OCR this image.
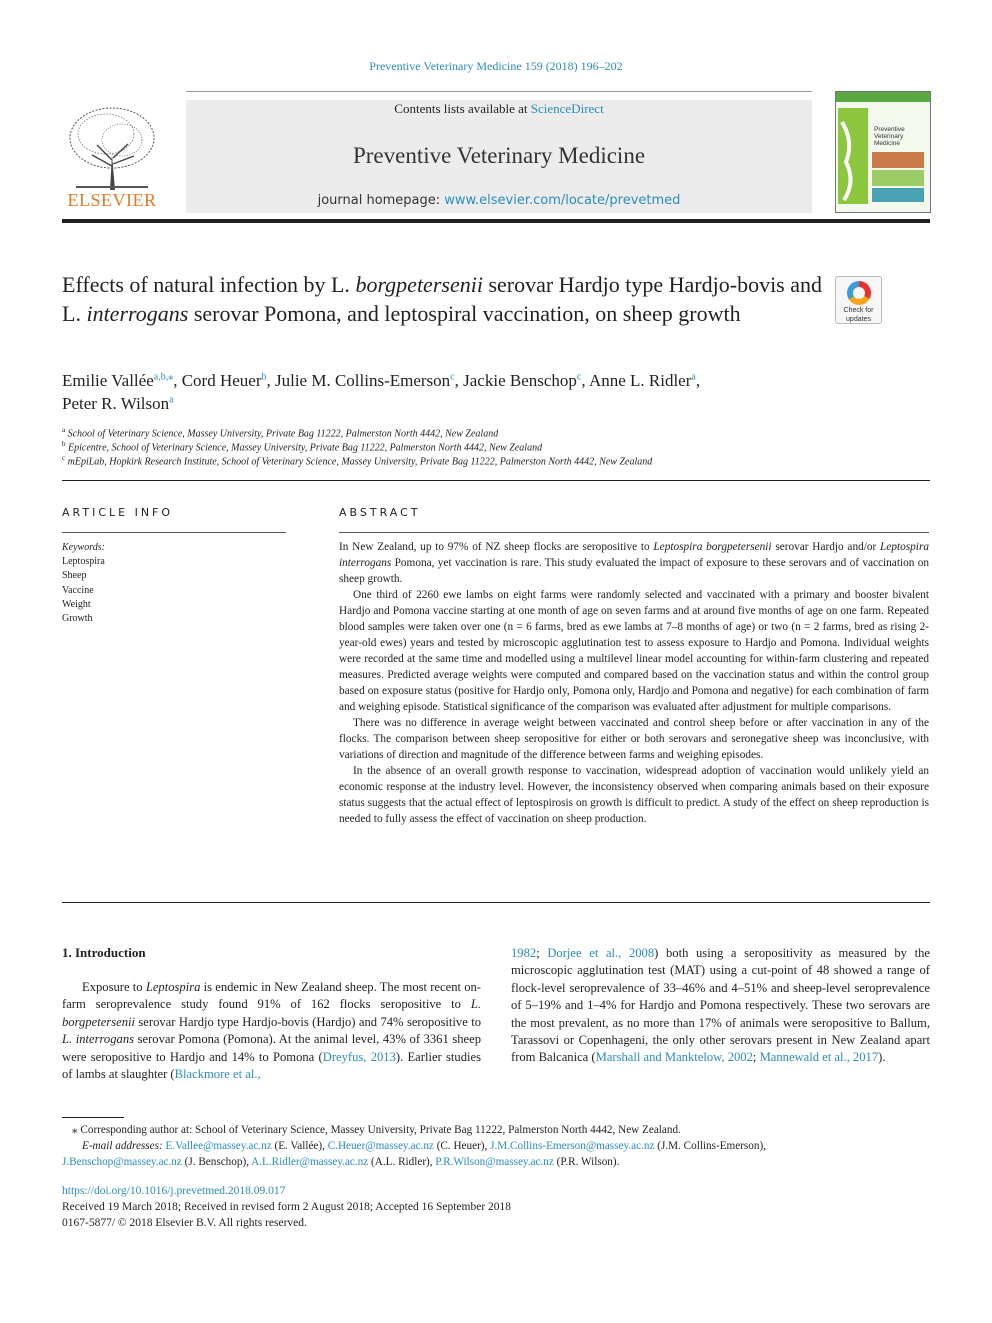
Preventive Veterinary Medicine 159 (2018) 196–202
ELSEVIER
Contents lists available at ScienceDirect
Preventive Veterinary Medicine
journal homepage: www.elsevier.com/locate/prevetmed
Preventive Veterinary Medicine
Effects of natural infection by L. borgpetersenii serovar Hardjo type Hardjo-bovis and L. interrogans serovar Pomona, and leptospiral vaccination, on sheep growth	Check for
updates
Emilie Vallée$^{a,b,⁎}$, Cord Heuer$^b$, Julie M. Collins-Emerson$^c$, Jackie Benschop$^c$, Anne L. Ridler$^a$,
Peter R. Wilson$^a$
$^a$ School of Veterinary Science, Massey University, Private Bag 11222, Palmerston North 4442, New Zealand
$^b$ Epicentre, School of Veterinary Science, Massey University, Private Bag 11222, Palmerston North 4442, New Zealand
$^c$ mEpiLab, Hopkirk Research Institute, School of Veterinary Science, Massey University, Private Bag 11222, Palmerston North 4442, New Zealand
ARTICLE INFO
Keywords:
Leptospira
Sheep
Vaccine
Weight
Growth
ABSTRACT

In New Zealand, up to 97% of NZ sheep flocks are seropositive to Leptospira borgpetersenii serovar Hardjo and/or Leptospira interrogans Pomona, yet vaccination is rare. This study evaluated the impact of exposure to these serovars and of vaccination on sheep growth.

One third of 2260 ewe lambs on eight farms were randomly selected and vaccinated with a primary and booster bivalent Hardjo and Pomona vaccine starting at one month of age on seven farms and at around five months of age on one farm. Repeated blood samples were taken over one (n = 6 farms, bred as ewe lambs at 7–8 months of age) or two (n = 2 farms, bred as rising 2-year-old ewes) years and tested by microscopic agglutination test to assess exposure to Hardjo and Pomona. Individual weights were recorded at the same time and modelled using a multilevel linear model accounting for within-farm clustering and repeated measures. Predicted average weights were computed and compared based on the vaccination status and within the control group based on exposure status (positive for Hardjo only, Pomona only, Hardjo and Pomona and negative) for each combination of farm and weighing episode. Statistical significance of the comparison was evaluated after adjustment for multiple comparisons.

There was no difference in average weight between vaccinated and control sheep before or after vaccination in any of the flocks. The comparison between sheep seropositive for either or both serovars and seronegative sheep was inconclusive, with variations of direction and magnitude of the difference between farms and weighing episodes.

In the absence of an overall growth response to vaccination, widespread adoption of vaccination would unlikely yield an economic response at the industry level. However, the inconsistency observed when comparing animals based on their exposure status suggests that the actual effect of leptospirosis on growth is difficult to predict. A study of the effect on sheep reproduction is needed to fully assess the effect of vaccination on sheep production.

1. Introduction

Exposure to Leptospira is endemic in New Zealand sheep. The most recent on-farm seroprevalence study found 91% of 162 flocks seropositive to L. borgpetersenii serovar Hardjo type Hardjo-bovis (Hardjo) and 74% seropositive to L. interrogans serovar Pomona (Pomona). At the animal level, 43% of 3361 sheep were seropositive to Hardjo and 14% to Pomona (Dreyfus, 2013). Earlier studies of lambs at slaughter (Blackmore et al.,

1982; Dorjee et al., 2008) both using a seropositivity as measured by the microscopic agglutination test (MAT) using a cut-point of 48 showed a range of flock-level seroprevalence of 33–46% and 4–51% and sheep-level seroprevalence of 5–19% and 1–4% for Hardjo and Pomona respectively. These two serovars are the most prevalent, as no more than 17% of animals were seropositive to Ballum, Tarassovi or Copenhageni, the only other serovars present in New Zealand apart from Balcanica (Marshall and Manktelow, 2002; Mannewald et al., 2017).

⁎ Corresponding author at: School of Veterinary Science, Massey University, Private Bag 11222, Palmerston North 4442, New Zealand.
E-mail addresses: E.Vallee@massey.ac.nz (E. Vallée), C.Heuer@massey.ac.nz (C. Heuer), J.M.Collins-Emerson@massey.ac.nz (J.M. Collins-Emerson),
J.Benschop@massey.ac.nz (J. Benschop), A.L.Ridler@massey.ac.nz (A.L. Ridler), P.R.Wilson@massey.ac.nz (P.R. Wilson).
https://doi.org/10.1016/j.prevetmed.2018.09.017
Received 19 March 2018; Received in revised form 2 August 2018; Accepted 16 September 2018
0167-5877/ © 2018 Elsevier B.V. All rights reserved.
